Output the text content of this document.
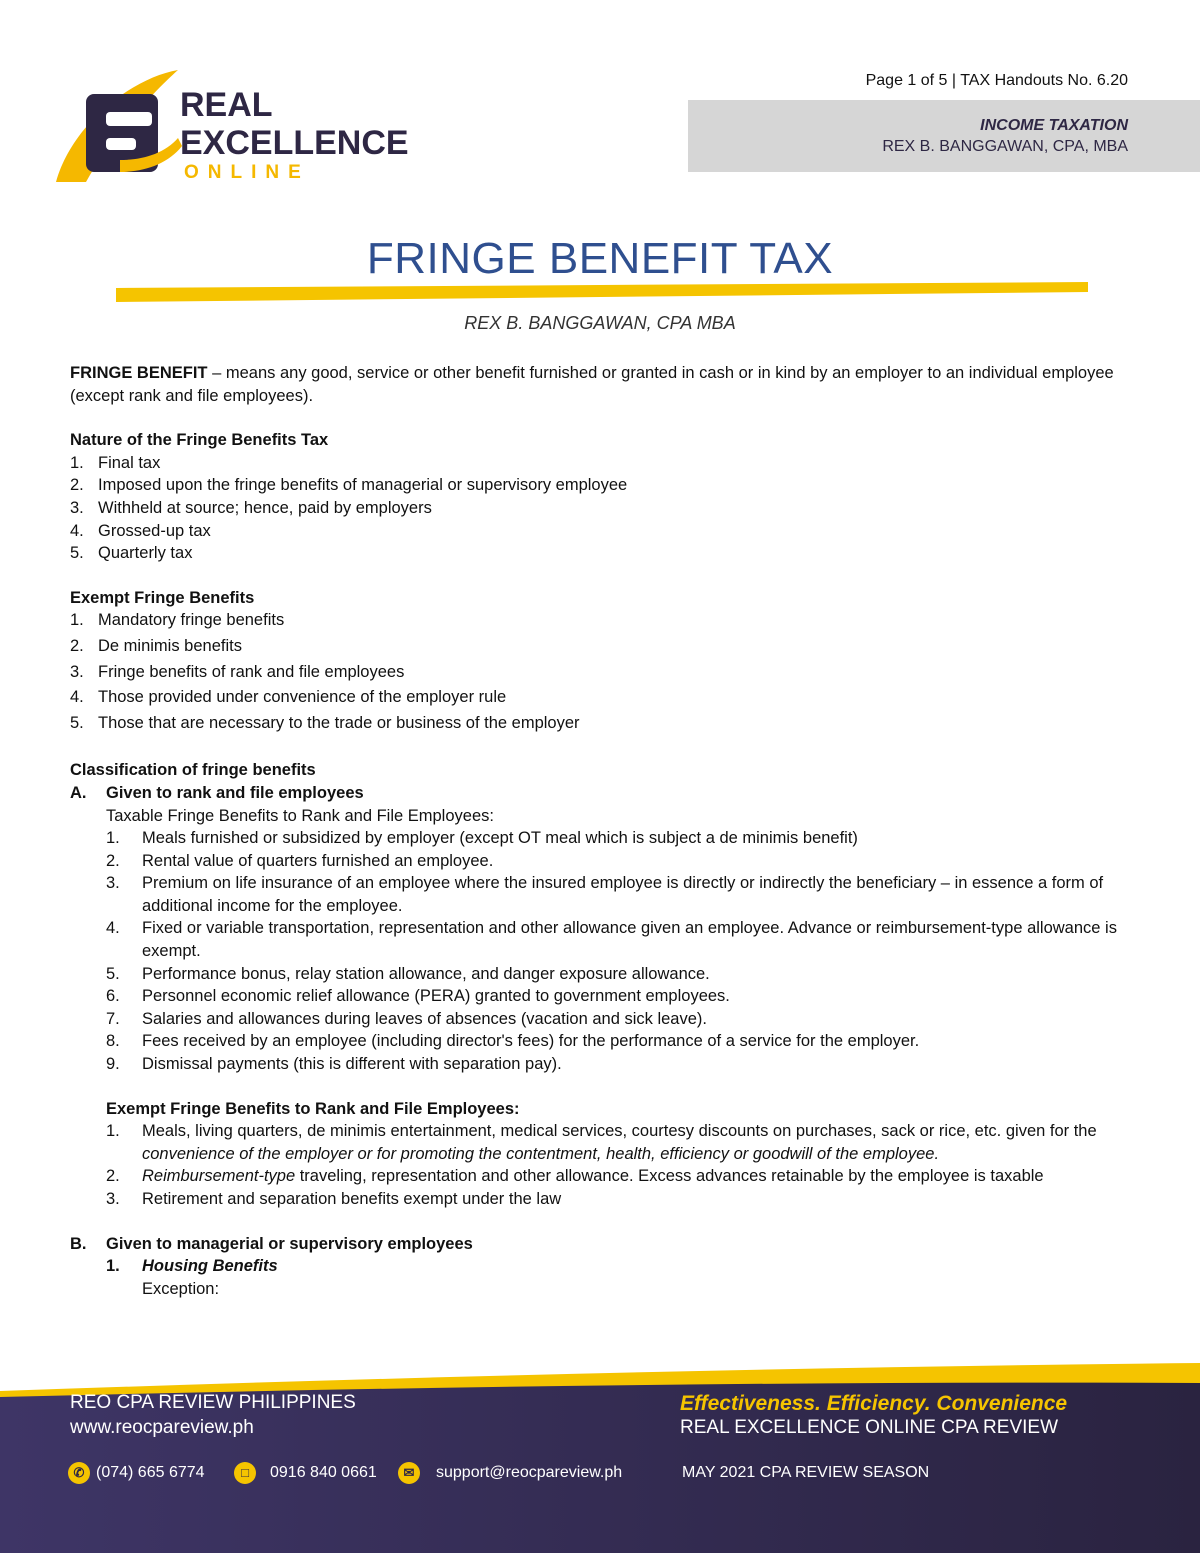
REAL
EXCELLENCE
ONLINE
Page 1 of 5 | TAX Handouts No. 6.20
INCOME TAXATION
REX B. BANGGAWAN, CPA, MBA
FRINGE BENEFIT TAX
REX B. BANGGAWAN, CPA MBA

FRINGE BENEFIT – means any good, service or other benefit furnished or granted in cash or in kind by an employer to an individual employee (except rank and file employees).

Nature of the Fringe Benefits Tax

1. Final tax
2. Imposed upon the fringe benefits of managerial or supervisory employee
3. Withheld at source; hence, paid by employers
4. Grossed-up tax
5. Quarterly tax

Exempt Fringe Benefits

1. Mandatory fringe benefits
2. De minimis benefits
3. Fringe benefits of rank and file employees
4. Those provided under convenience of the employer rule
5. Those that are necessary to the trade or business of the employer

Classification of fringe benefits

A. Given to rank and file employees

Taxable Fringe Benefits to Rank and File Employees:

1. Meals furnished or subsidized by employer (except OT meal which is subject a de minimis benefit)
2. Rental value of quarters furnished an employee.
3. Premium on life insurance of an employee where the insured employee is directly or indirectly the beneficiary – in essence a form of additional income for the employee.
4. Fixed or variable transportation, representation and other allowance given an employee. Advance or reimbursement-type allowance is exempt.
5. Performance bonus, relay station allowance, and danger exposure allowance.
6. Personnel economic relief allowance (PERA) granted to government employees.
7. Salaries and allowances during leaves of absences (vacation and sick leave).
8. Fees received by an employee (including director's fees) for the performance of a service for the employer.
9. Dismissal payments (this is different with separation pay).

Exempt Fringe Benefits to Rank and File Employees:

1. Meals, living quarters, de minimis entertainment, medical services, courtesy discounts on purchases, sack or rice, etc. given for the convenience of the employer or for promoting the contentment, health, efficiency or goodwill of the employee.
2. Reimbursement-type traveling, representation and other allowance. Excess advances retainable by the employee is taxable
3. Retirement and separation benefits exempt under the law
B. Given to managerial or supervisory employees
1. Housing Benefits
Exception:
REO CPA REVIEW PHILIPPINES
www.reocpareview.ph
Effectiveness. Efficiency. Convenience
REAL EXCELLENCE ONLINE CPA REVIEW
✆ (074) 665 6774	□	0916 840 0661	✉	support@reocpareview.ph	MAY 2021 CPA REVIEW SEASON
